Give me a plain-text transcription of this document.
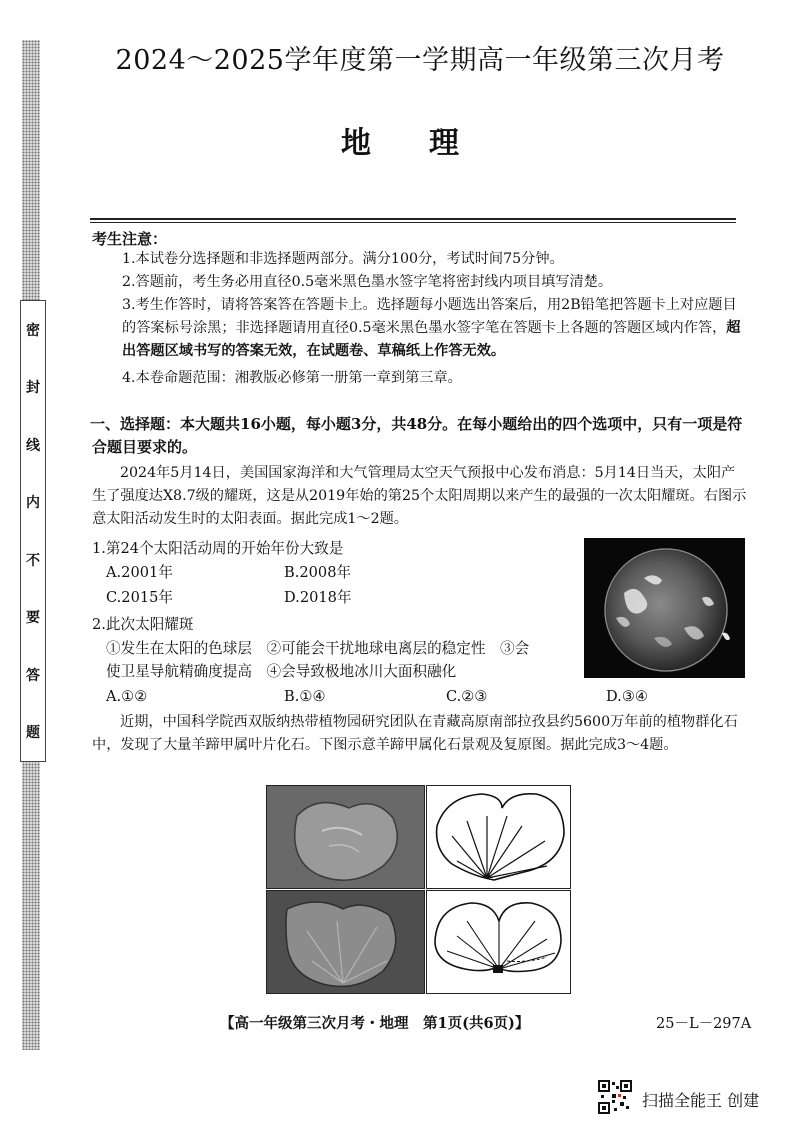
密
封
线
内
不
要
答
题
2024～2025学年度第一学期高一年级第三次月考
地理
考生注意：
1.本试卷分选择题和非选择题两部分。满分100分，考试时间75分钟。
2.答题前，考生务必用直径0.5毫米黑色墨水签字笔将密封线内项目填写清楚。
3.考生作答时，请将答案答在答题卡上。选择题每小题选出答案后，用2B铅笔把答题卡上对应题目的答案标号涂黑；非选择题请用直径0.5毫米黑色墨水签字笔在答题卡上各题的答题区域内作答，超出答题区域书写的答案无效，在试题卷、草稿纸上作答无效。
4.本卷命题范围：湘教版必修第一册第一章到第三章。
一、选择题：本大题共16小题，每小题3分，共48分。在每小题给出的四个选项中，只有一项是符合题目要求的。
2024年5月14日，美国国家海洋和大气管理局太空天气预报中心发布消息：5月14日当天，太阳产生了强度达X8.7级的耀斑，这是从2019年始的第25个太阳周期以来产生的最强的一次太阳耀斑。右图示意太阳活动发生时的太阳表面。据此完成1～2题。
1.第24个太阳活动周的开始年份大致是
A.2001年	B.2008年
C.2015年	D.2018年
2.此次太阳耀斑
①发生在太阳的色球层　②可能会干扰地球电离层的稳定性　③会
使卫星导航精确度提高　④会导致极地冰川大面积融化
A.①②	B.①④	C.②③	D.③④
近期，中国科学院西双版纳热带植物园研究团队在青藏高原南部拉孜县约5600万年前的植物群化石中，发现了大量羊蹄甲属叶片化石。下图示意羊蹄甲属化石景观及复原图。据此完成3～4题。
【高一年级第三次月考・地理　 第1页(共6页)】	25－L－297A
扫描全能王 创建
